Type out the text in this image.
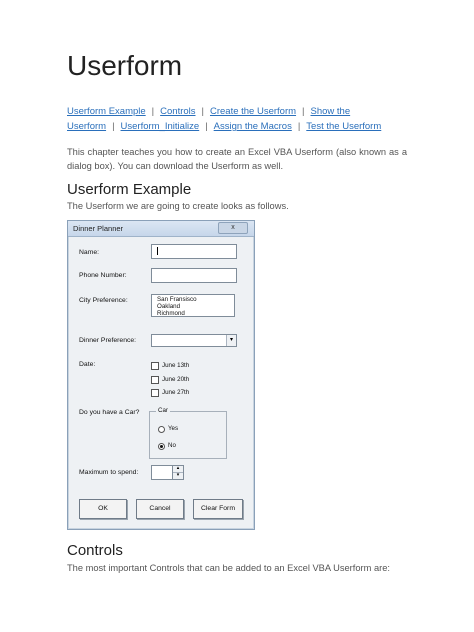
Userform
Userform Example | Controls | Create the Userform | Show the
Userform | Userform_Initialize | Assign the Macros | Test the Userform
This chapter teaches you how to create an Excel VBA Userform (also known as a dialog box). You can download the Userform as well.
Userform Example
The Userform we are going to create looks as follows.
Dinner Planner	x
Name:
Phone Number:
City Preference:	San Fransisco
Oakland
Richmond
Dinner Preference:	▾
Date:	June 13th
June 20th
June 27th
Do you have a Car?	Car
Yes
No
Maximum to spend:
▴
▾
OK	Cancel	Clear Form
Controls
The most important Controls that can be added to an Excel VBA Userform are:
